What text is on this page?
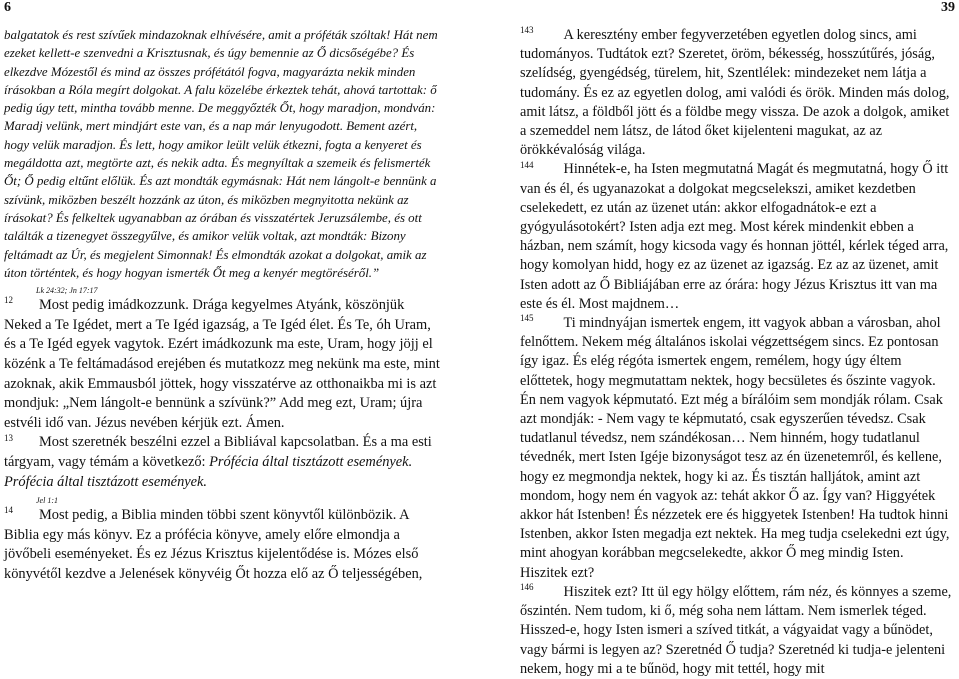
6	39

balgatatok és rest szívűek mindazoknak elhívésére, amit a próféták szóltak! Hát nem ezeket kellett-e szenvedni a Krisztusnak, és úgy bemennie az Ő dicsőségébe? És elkezdve Mózestől és mind az összes prófétától fogva, magyarázta nekik minden írásokban a Róla megírt dolgokat. A falu közelébe érkeztek tehát, ahová tartottak: ő pedig úgy tett, mintha tovább menne. De meggyőzték Őt, hogy maradjon, mondván: Maradj velünk, mert mindjárt este van, és a nap már lenyugodott. Bement azért, hogy velük maradjon. És lett, hogy amikor leült velük étkezni, fogta a kenyeret és megáldotta azt, megtörte azt, és nekik adta. És megnyíltak a szemeik és felismerték Őt; Ő pedig eltűnt előlük. És azt mondták egymásnak: Hát nem lángolt-e bennünk a szívünk, miközben beszélt hozzánk az úton, és miközben megnyitotta nekünk az írásokat? És felkeltek ugyanabban az órában és visszatértek Jeruzsálembe, és ott találták a tizenegyet összegyűlve, és amikor velük voltak, azt mondták: Bizony feltámadt az Úr, és megjelent Simonnak! És elmondták azokat a dolgokat, amik az úton történtek, és hogy hogyan ismerték Őt meg a kenyér megtöréséről.”

Lk 24:32; Jn 17:17

$^{12}$ Most pedig imádkozzunk. Drága kegyelmes Atyánk, köszönjük Neked a Te Igédet, mert a Te Igéd igazság, a Te Igéd élet. És Te, óh Uram, és a Te Igéd egyek vagytok. Ezért imádkozunk ma este, Uram, hogy jöjj el közénk a Te feltámadásod erejében és mutatkozz meg nekünk ma este, mint azoknak, akik Emmausból jöttek, hogy visszatérve az otthonaikba mi is azt mondjuk: „Nem lángolt-e bennünk a szívünk?” Add meg ezt, Uram; újra estvéli idő van. Jézus nevében kérjük ezt. Ámen.

$^{13}$ Most szeretnék beszélni ezzel a Bibliával kapcsolatban. És a ma esti tárgyam, vagy témám a következő: Prófécia által tisztázott események. Prófécia által tisztázott események.

Jel 1:1

$^{14}$ Most pedig, a Biblia minden többi szent könyvtől különbözik. A Biblia egy más könyv. Ez a prófécia könyve, amely előre elmondja a jövőbeli eseményeket. És ez Jézus Krisztus kijelentődése is. Mózes első könyvétől kezdve a Jelenések könyvéig Őt hozza elő az Ő teljességében,

$^{143}$ A keresztény ember fegyverzetében egyetlen dolog sincs, ami tudományos. Tudtátok ezt? Szeretet, öröm, békesség, hosszútűrés, jóság, szelídség, gyengédség, türelem, hit, Szentlélek: mindezeket nem látja a tudomány. És ez az egyetlen dolog, ami valódi és örök. Minden más dolog, amit látsz, a földből jött és a földbe megy vissza. De azok a dolgok, amiket a szemeddel nem látsz, de látod őket kijelenteni magukat, az az örökkévalóság világa.

$^{144}$ Hinnétek-e, ha Isten megmutatná Magát és megmutatná, hogy Ő itt van és él, és ugyanazokat a dolgokat megcselekszi, amiket kezdetben cselekedett, ez után az üzenet után: akkor elfogadnátok-e ezt a gyógyulásotokért? Isten adja ezt meg. Most kérek mindenkit ebben a házban, nem számít, hogy kicsoda vagy és honnan jöttél, kérlek téged arra, hogy komolyan hidd, hogy ez az üzenet az igazság. Ez az az üzenet, amit Isten adott az Ő Bibliájában erre az órára: hogy Jézus Krisztus itt van ma este és él. Most majdnem…

$^{145}$ Ti mindnyájan ismertek engem, itt vagyok abban a városban, ahol felnőttem. Nekem még általános iskolai végzettségem sincs. Ez pontosan így igaz. És elég régóta ismertek engem, remélem, hogy úgy éltem előttetek, hogy megmutattam nektek, hogy becsületes és őszinte vagyok. Én nem vagyok képmutató. Ezt még a bírálóim sem mondják rólam. Csak azt mondják: - Nem vagy te képmutató, csak egyszerűen tévedsz. Csak tudatlanul tévedsz, nem szándékosan… Nem hinném, hogy tudatlanul tévednék, mert Isten Igéje bizonyságot tesz az én üzenetemről, és kellene, hogy ez megmondja nektek, hogy ki az. És tisztán halljátok, amint azt mondom, hogy nem én vagyok az: tehát akkor Ő az. Így van? Higgyétek akkor hát Istenben! És nézzetek ere és higgyetek Istenben! Ha tudtok hinni Istenben, akkor Isten megadja ezt nektek. Ha meg tudja cselekedni ezt úgy, mint ahogyan korábban megcselekedte, akkor Ő meg mindig Isten. Hiszitek ezt?

$^{146}$ Hiszitek ezt? Itt ül egy hölgy előttem, rám néz, és könnyes a szeme, őszintén. Nem tudom, ki ő, még soha nem láttam. Nem ismerlek téged. Hisszed-e, hogy Isten ismeri a szíved titkát, a vágyaidat vagy a bűnödet, vagy bármi is legyen az? Szeretnéd Ő tudja? Szeretnéd ki tudja-e jelenteni nekem, hogy mi a te bűnöd, hogy mit tettél, hogy mit
